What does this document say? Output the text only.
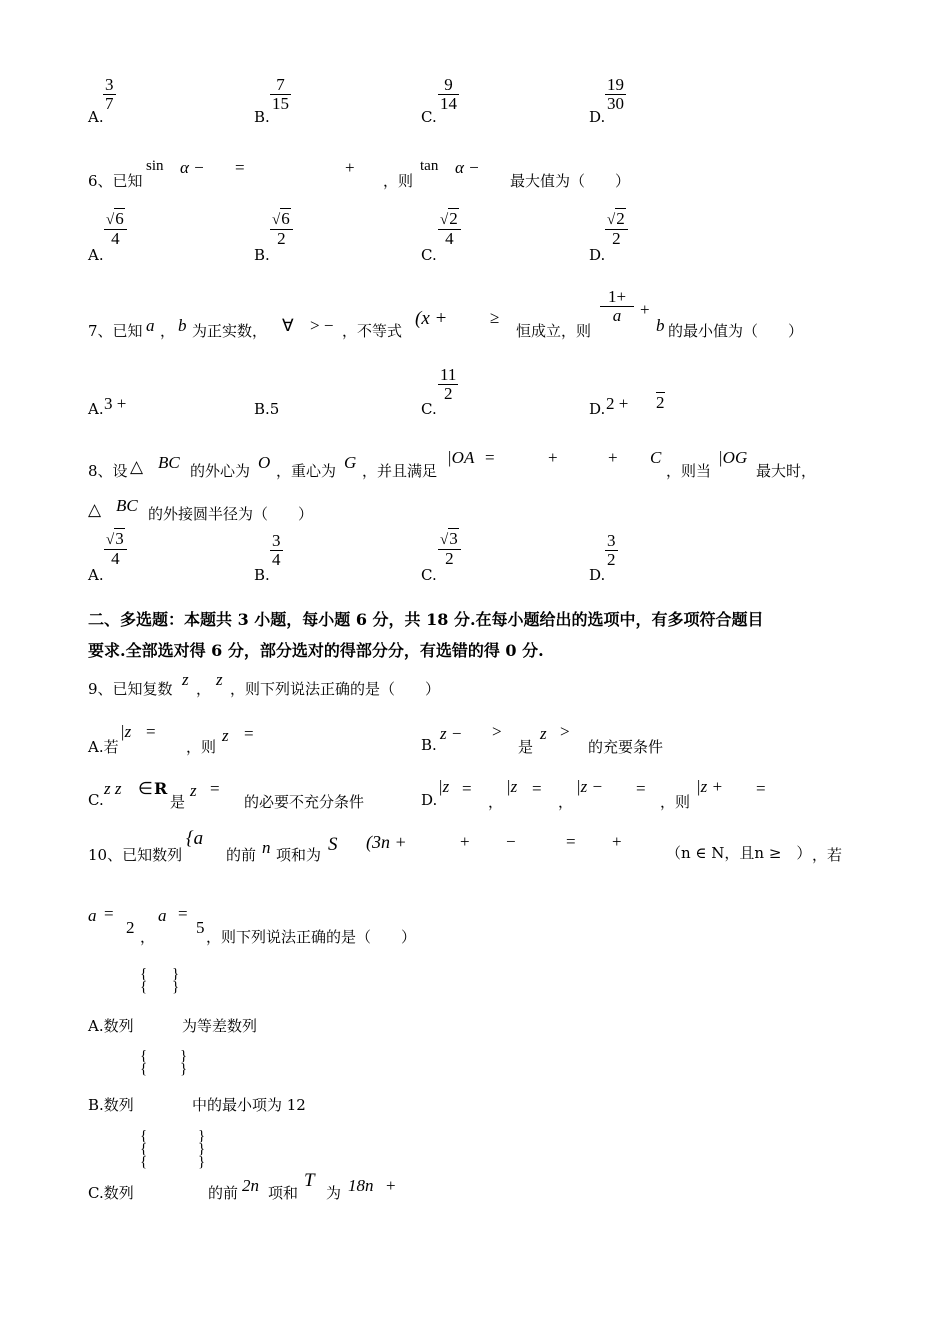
A.
$\frac{3}{7}$
B.
$\frac{7}{15}$
C.
$\frac{9}{14}$
D.
$\frac{19}{30}$
6、已知
sin α − =	+
，则
tan α −
最大值为（　　）
A.
$\frac{√6}{4}$
B.
$\frac{√6}{2}$
C.
$\frac{√2}{4}$
D.
$\frac{√2}{2}$
7、已知 a ， b 为正实数， ∀ > − ，不等式
(x +	≥
恒成立，则
$\frac{1+}{a}$ +
b 的最小值为（　　）
A. 3 +	B.5	C.
$\frac{11}{2}$
D. 2 + 2
8、设 △ BC 的外心为 O ，重心为 G ，并且满足
|OA =	+	+ C
，则当
|OG
最大时，
△ BC 的外接圆半径为（　　）
A.
$\frac{√3}{4}$
B.
$\frac{3}{4}$
C.
$\frac{√3}{2}$
D.
$\frac{3}{2}$
二、多选题：本题共 3 小题，每小题 6 分，共 18 分.在每小题给出的选项中，有多项符合题目
要求.全部选对得 6 分，部分选对的得部分分，有选错的得 0 分.
9、已知复数 z ， z ，则下列说法正确的是（　　）
A.若
|z =
，则
z =
B.
z − >
是
z >
的充要条件
C.
z z ∈ R
是
z =
的必要不充分条件	D.
|z =
，
|z =
，
|z − =
，则
|z + =
10、已知数列
{a
的前 n 项和为 S (3n +	+ −	= +
（n ∈ N，且n ≥　） ，若
a =
2 ，
a =
5 ，则下列说法正确的是（　　）
{
{
}
}
A.数列	为等差数列
{
{
}
}
B.数列	中的最小项为 12
{
{
{
}
}
}
C.数列	的前 2n 项和
T
为 18n +
